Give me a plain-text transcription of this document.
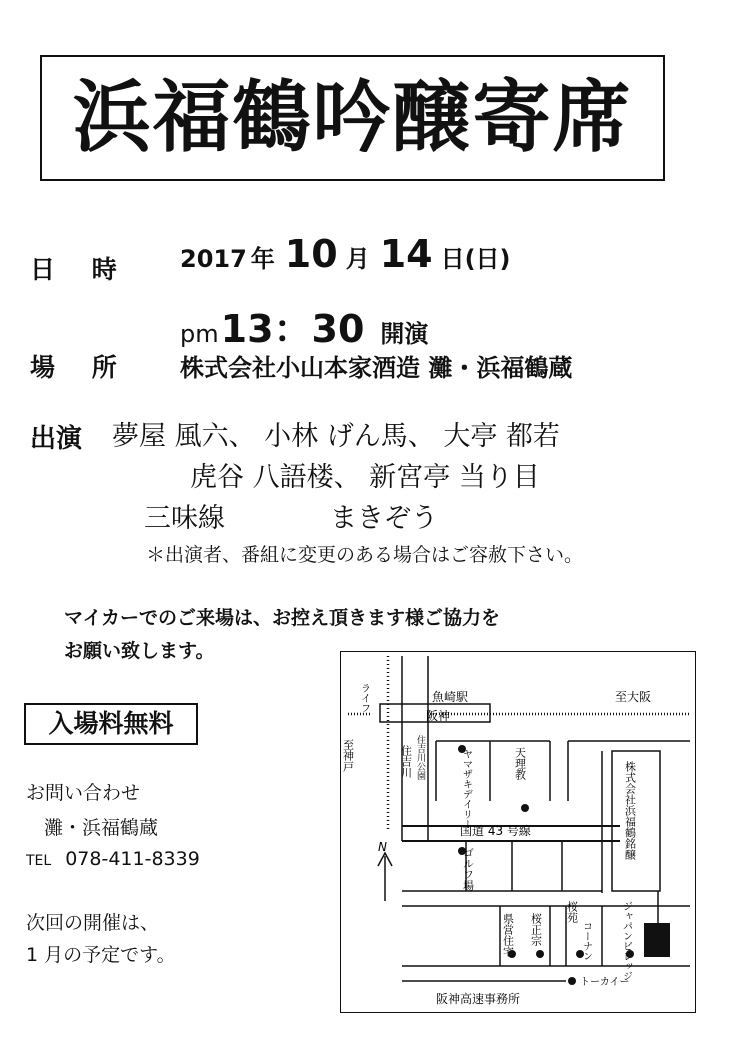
浜福鶴吟醸寄席
日 時 2017 年 10 月 14 日(日)
pm 13：30 開演
場 所 株式会社小山本家酒造 灘・浜福鶴蔵
出演 夢屋 風六、 小林 げん馬、 大亭 都若
虎谷 八語楼、 新宮亭 当り目
三味線	まきぞう
＊出演者、番組に変更のある場合はご容赦下さい。
マイカーでのご来場は、お控え頂きます様ご協力を
お願い致します。
入場料無料
お問い合わせ
灘・浜福鶴蔵
TEL 078-411-8339
次回の開催は、
1 月の予定です。
魚崎駅
阪神
至大阪
至神戸
ライフ
住吉川 住吉川公園	ヤマザキデイリー	天理教
国道 43 号線
ゴルフ場
株式会社浜福鶴銘醸
N
県営住宅 桜正宗
桜苑
コーナン	ジャパンビレッジ
トーカイー
阪神高速事務所
